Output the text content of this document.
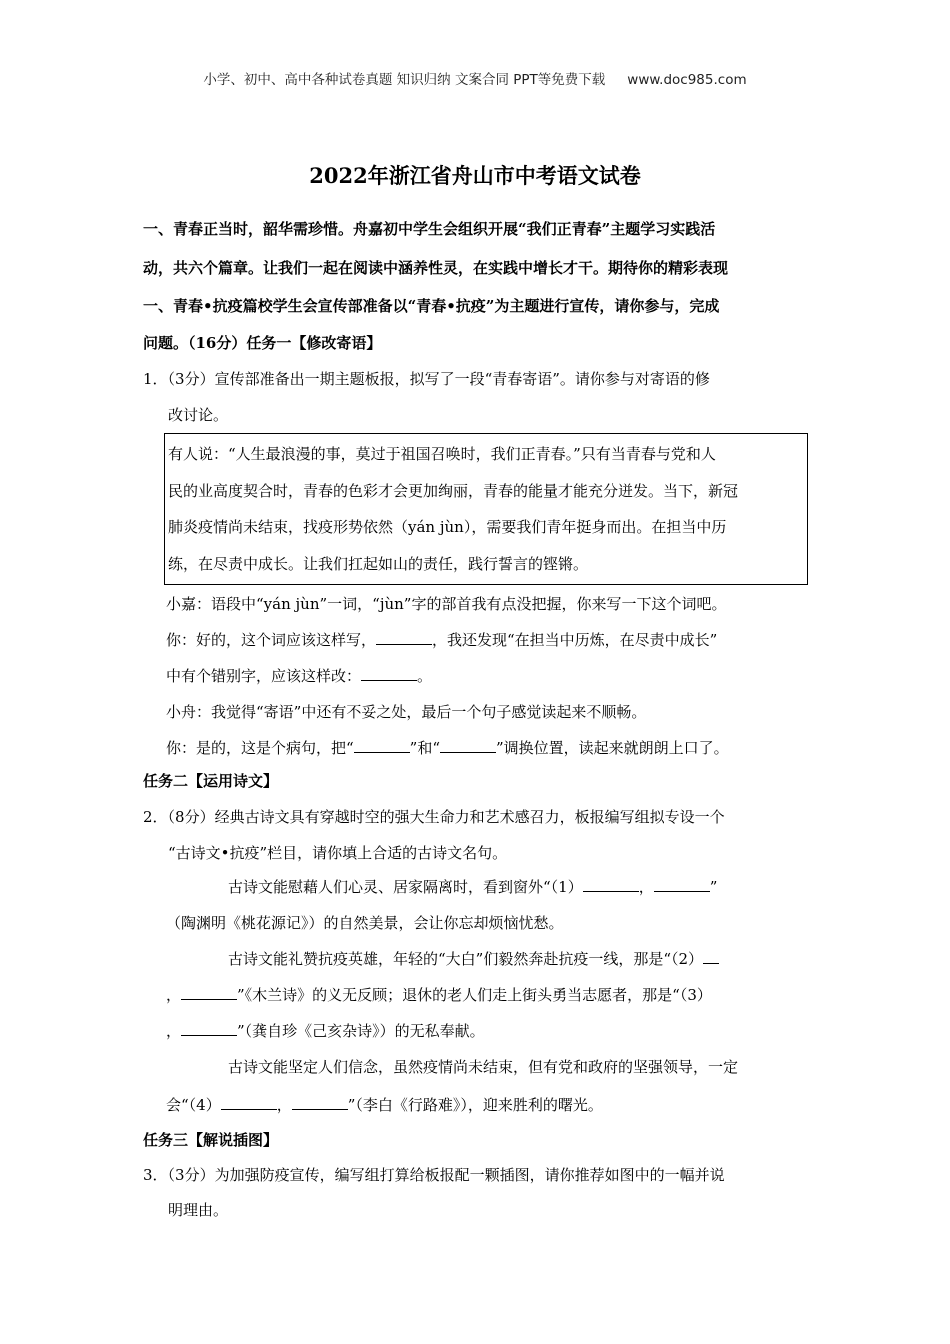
小学、初中、高中各种试卷真题 知识归纳 文案合同 PPT等免费下载 www.doc985.com
2022年浙江省舟山市中考语文试卷
一、青春正当时，韶华需珍惜。舟嘉初中学生会组织开展“我们正青春”主题学习实践活
动，共六个篇章。让我们一起在阅读中涵养性灵，在实践中增长才干。期待你的精彩表现
一、青春•抗疫篇校学生会宣传部准备以“青春•抗疫”为主题进行宣传，请你参与，完成
问题。（16分）任务一【修改寄语】
1．（3分）宣传部准备出一期主题板报，拟写了一段“青春寄语”。请你参与对寄语的修
改讨论。
有人说：“人生最浪漫的事，莫过于祖国召唤时，我们正青春。”只有当青春与党和人
民的业高度契合时，青春的色彩才会更加绚丽，青春的能量才能充分迸发。当下，新冠
肺炎疫情尚未结束，找疫形势依然（yán jùn），需要我们青年挺身而出。在担当中历
练，在尽责中成长。让我们扛起如山的责任，践行誓言的铿锵。
小嘉：语段中“yán jùn”一词，“jùn”字的部首我有点没把握，你来写一下这个词吧。
你：好的，这个词应该这样写，	，我还发现“在担当中历炼，在尽责中成长”
中有个错别字，应该这样改：	。
小舟：我觉得“寄语”中还有不妥之处，最后一个句子感觉读起来不顺畅。
你：是的，这是个病句，把“	”和“	”调换位置，读起来就朗朗上口了。
任务二【运用诗文】
2．（8分）经典古诗文具有穿越时空的强大生命力和艺术感召力，板报编写组拟专设一个
“古诗文•抗疫”栏目，请你填上合适的古诗文名句。
古诗文能慰藉人们心灵、居家隔离时，看到窗外“（1）	，	”
（陶渊明《桃花源记》）的自然美景，会让你忘却烦恼忧愁。
古诗文能礼赞抗疫英雄，年轻的“大白”们毅然奔赴抗疫一线，那是“（2）
，	”《木兰诗》的义无反顾；退休的老人们走上街头勇当志愿者，那是“（3）
，	”（龚自珍《己亥杂诗》）的无私奉献。
古诗文能坚定人们信念，虽然疫情尚未结束，但有党和政府的坚强领导，一定
会“（4）	，	”（李白《行路难》），迎来胜利的曙光。
任务三【解说插图】
3．（3分）为加强防疫宣传，编写组打算给板报配一颗插图，请你推荐如图中的一幅并说
明理由。
